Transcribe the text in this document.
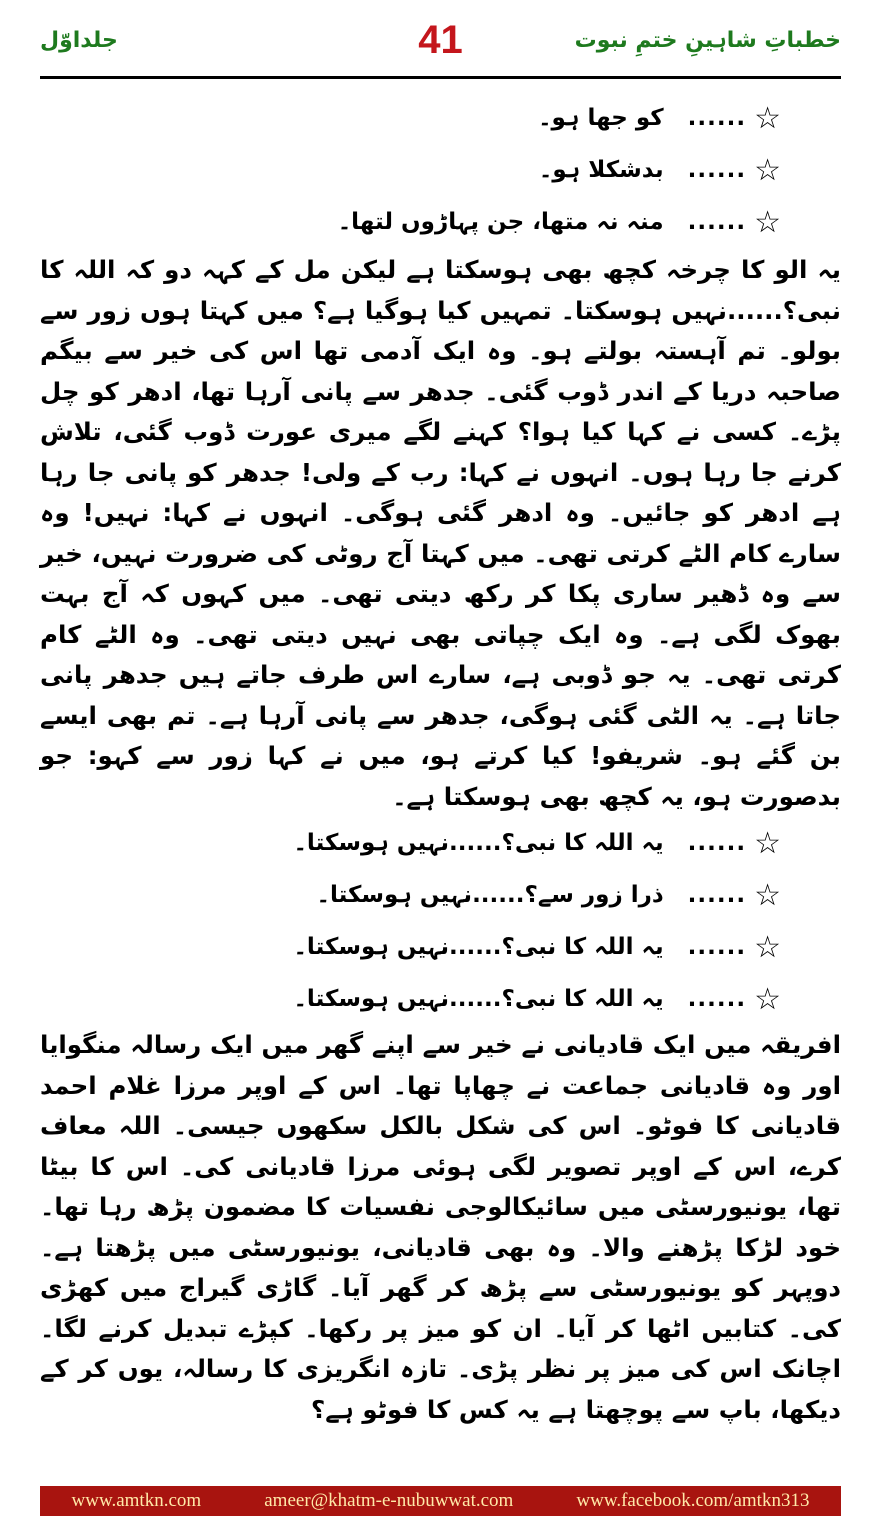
جلداوّل	41	خطباتِ شاہینِ ختمِ نبوت
☆
......
کو جھا ہو۔
☆
......
بدشکلا ہو۔
☆
......
منہ نہ متھا، جن پہاڑوں لتھا۔

یہ الو کا چرخہ کچھ بھی ہوسکتا ہے لیکن مل کے کہہ دو کہ اللہ کا نبی؟......نہیں ہوسکتا۔ تمہیں کیا ہوگیا ہے؟ میں کہتا ہوں زور سے بولو۔ تم آہستہ بولتے ہو۔ وہ ایک آدمی تھا اس کی خیر سے بیگم صاحبہ دریا کے اندر ڈوب گئی۔ جدھر سے پانی آرہا تھا، ادھر کو چل پڑے۔ کسی نے کہا کیا ہوا؟ کہنے لگے میری عورت ڈوب گئی، تلاش کرنے جا رہا ہوں۔ انہوں نے کہا: رب کے ولی! جدھر کو پانی جا رہا ہے ادھر کو جائیں۔ وہ ادھر گئی ہوگی۔ انہوں نے کہا: نہیں! وہ سارے کام الٹے کرتی تھی۔ میں کہتا آج روٹی کی ضرورت نہیں، خیر سے وہ ڈھیر ساری پکا کر رکھ دیتی تھی۔ میں کہوں کہ آج بہت بھوک لگی ہے۔ وہ ایک چپاتی بھی نہیں دیتی تھی۔ وہ الٹے کام کرتی تھی۔ یہ جو ڈوبی ہے، سارے اس طرف جاتے ہیں جدھر پانی جاتا ہے۔ یہ الٹی گئی ہوگی، جدھر سے پانی آرہا ہے۔ تم بھی ایسے بن گئے ہو۔ شریفو! کیا کرتے ہو، میں نے کہا زور سے کہو: جو بدصورت ہو، یہ کچھ بھی ہوسکتا ہے۔

☆
......
یہ اللہ کا نبی؟......نہیں ہوسکتا۔
☆
......
ذرا زور سے؟......نہیں ہوسکتا۔
☆
......
یہ اللہ کا نبی؟......نہیں ہوسکتا۔
☆
......
یہ اللہ کا نبی؟......نہیں ہوسکتا۔

افریقہ میں ایک قادیانی نے خیر سے اپنے گھر میں ایک رسالہ منگوایا اور وہ قادیانی جماعت نے چھاپا تھا۔ اس کے اوپر مرزا غلام احمد قادیانی کا فوٹو۔ اس کی شکل بالکل سکھوں جیسی۔ اللہ معاف کرے، اس کے اوپر تصویر لگی ہوئی مرزا قادیانی کی۔ اس کا بیٹا تھا، یونیورسٹی میں سائیکالوجی نفسیات کا مضمون پڑھ رہا تھا۔ خود لڑکا پڑھنے والا۔ وہ بھی قادیانی، یونیورسٹی میں پڑھتا ہے۔ دوپہر کو یونیورسٹی سے پڑھ کر گھر آیا۔ گاڑی گیراج میں کھڑی کی۔ کتابیں اٹھا کر آیا۔ ان کو میز پر رکھا۔ کپڑے تبدیل کرنے لگا۔ اچانک اس کی میز پر نظر پڑی۔ تازہ انگریزی کا رسالہ، یوں کر کے دیکھا، باپ سے پوچھتا ہے یہ کس کا فوٹو ہے؟

www.amtkn.com	ameer@khatm-e-nubuwwat.com	www.facebook.com/amtkn313
